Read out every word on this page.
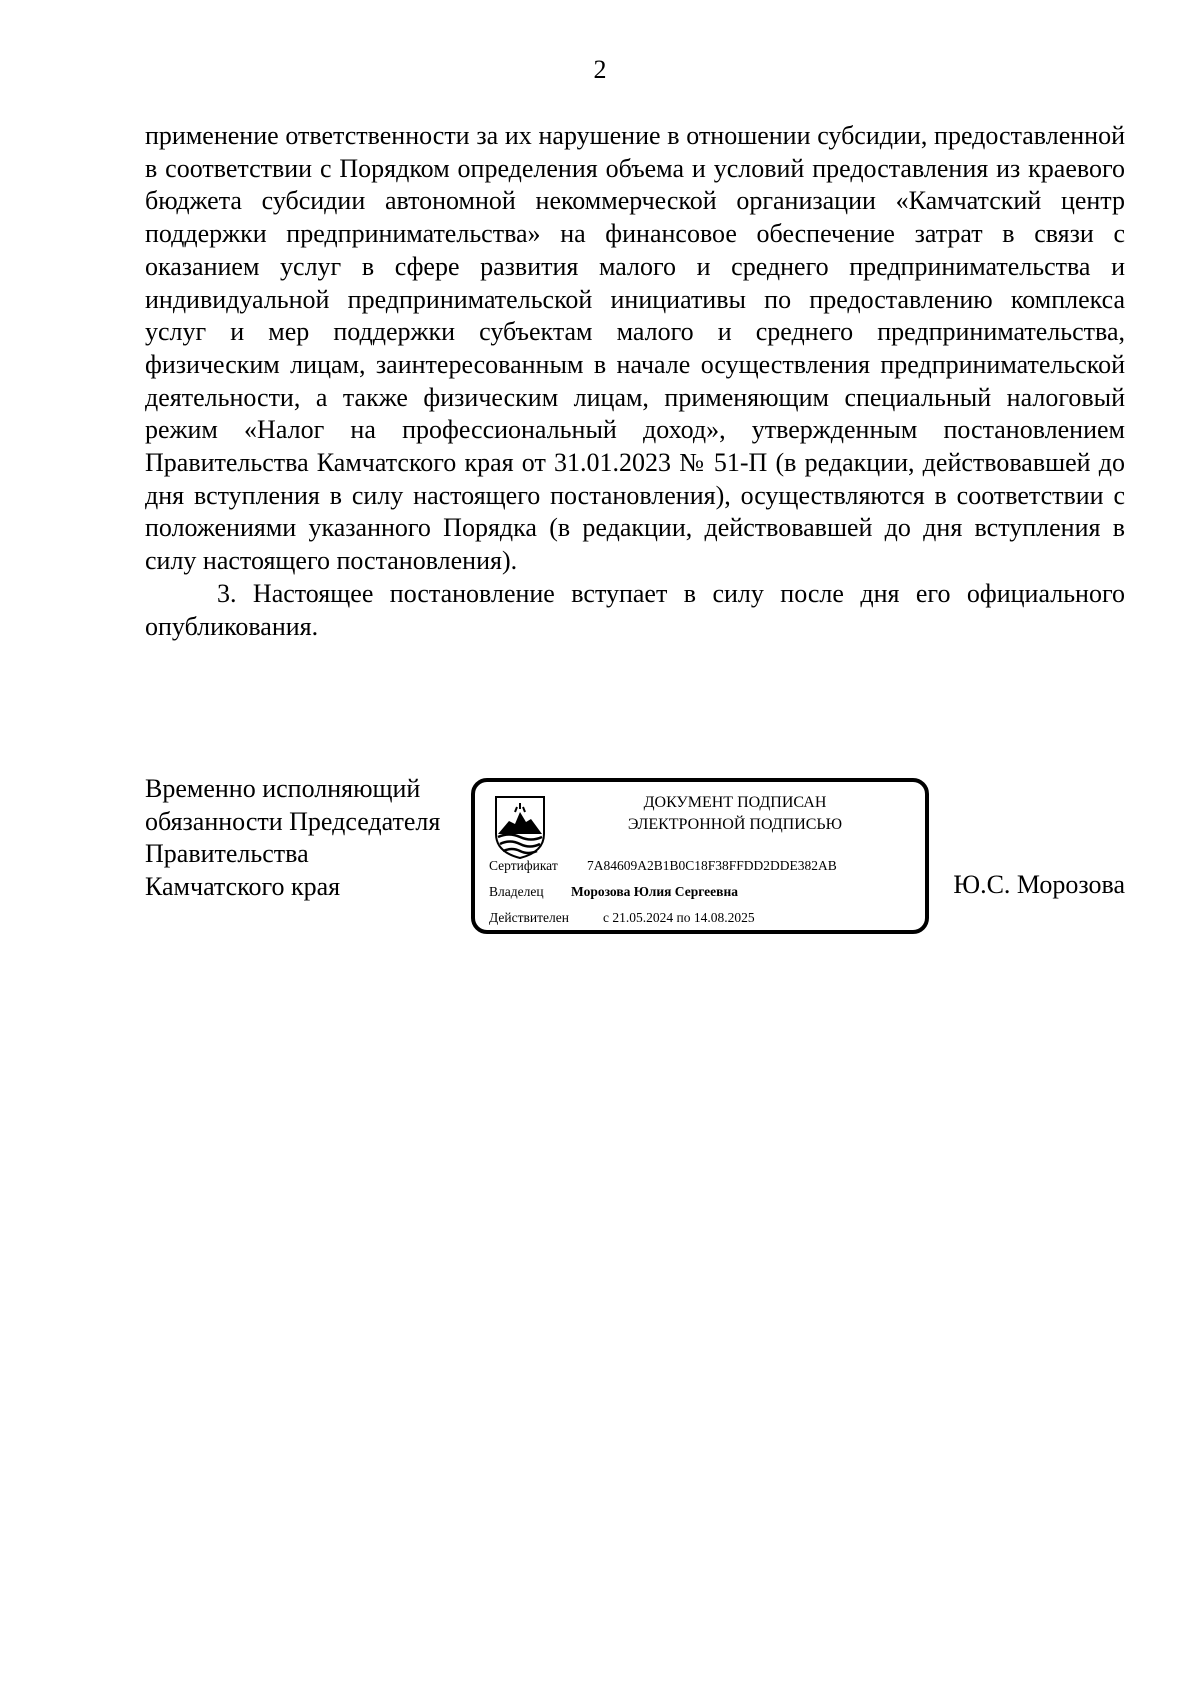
2

применение ответственности за их нарушение в отношении субсидии, предоставленной в соответствии с Порядком определения объема и условий предоставления из краевого бюджета субсидии автономной некоммерческой организации «Камчатский центр поддержки предпринимательства» на финансовое обеспечение затрат в связи с оказанием услуг в сфере развития малого и среднего предпринимательства и индивидуальной предпринимательской инициативы по предоставлению комплекса услуг и мер поддержки субъектам малого и среднего предпринимательства, физическим лицам, заинтересованным в начале осуществления предпринимательской деятельности, а также физическим лицам, применяющим специальный налоговый режим «Налог на профессиональный доход», утвержденным постановлением Правительства Камчатского края от 31.01.2023 № 51-П (в редакции, действовавшей до дня вступления в силу настоящего постановления), осуществляются в соответствии с положениями указанного Порядка (в редакции, действовавшей до дня вступления в силу настоящего постановления).

3. Настоящее постановление вступает в силу после дня его официального опубликования.

Временно исполняющий
обязанности Председателя
Правительства
Камчатского края
ДОКУМЕНТ ПОДПИСАН
ЭЛЕКТРОННОЙ ПОДПИСЬЮ
Сертификат 7A84609A2B1B0C18F38FFDD2DDE382AB
Владелец Морозова Юлия Сергеевна
Действителен	с 21.05.2024 по 14.08.2025
Ю.С. Морозова
